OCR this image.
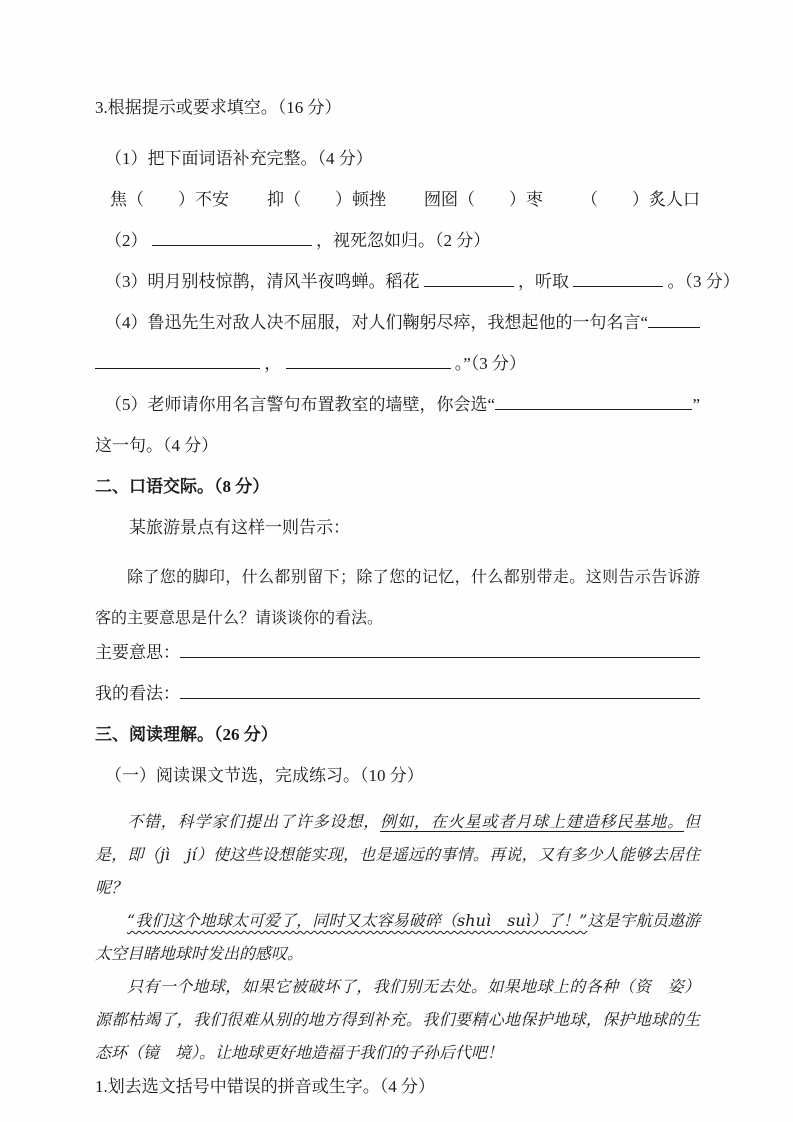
3.根据提示或要求填空。（16 分）
（1）把下面词语补充完整。（4 分）
焦（　　）不安 抑（　　）顿挫 囫囵（　　）枣 （　　）炙人口
（2）	，视死忽如归。（2 分）
（3）明月别枝惊鹊，清风半夜鸣蝉。稻花	，听取	。（3 分）
（4）鲁迅先生对敌人决不屈服，对人们鞠躬尽瘁，我想起他的一句名言“
，	。”（3 分）
（5）老师请你用名言警句布置教室的墙壁，你会选“	”
这一句。（4 分）
二、口语交际。（8 分）
某旅游景点有这样一则告示：

除了您的脚印，什么都别留下；除了您的记忆，什么都别带走。这则告示告诉游客的主要意思是什么？请谈谈你的看法。

主要意思：
我的看法：
三、阅读理解。（26 分）
（一）阅读课文节选，完成练习。（10 分）

不错，科学家们提出了许多设想，例如，在火星或者月球上建造移民基地。但是，即（jì　jí）使这些设想能实现，也是遥远的事情。再说，又有多少人能够去居住呢？

“我们这个地球太可爱了，同时又太容易破碎（shuì　suì）了！”这是宇航员遨游太空目睹地球时发出的感叹。

只有一个地球，如果它被破坏了，我们别无去处。如果地球上的各种（资　姿）源都枯竭了，我们很难从别的地方得到补充。我们要精心地保护地球，保护地球的生态环（镜　境）。让地球更好地造福于我们的子孙后代吧！

1.划去选文括号中错误的拼音或生字。（4 分）
